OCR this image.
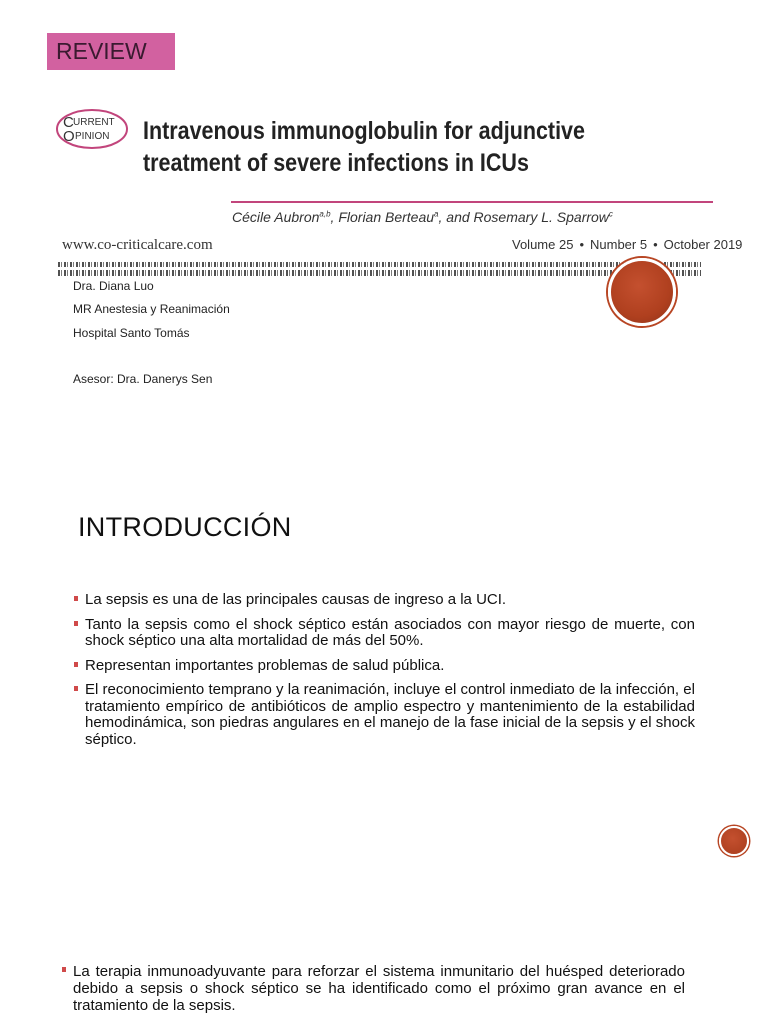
REVIEW
C URRENT
O PINION Intravenous immunoglobulin for adjunctive
treatment of severe infections in ICUs
Cécile Aubron$^{a,b}$, Florian Berteau$^a$, and Rosemary L. Sparrow$^c$
www.co-criticalcare.com	Volume 25 • Number 5 • October 2019
Dra. Diana Luo
MR Anestesia y Reanimación
Hospital Santo Tomás
Asesor: Dra. Danerys Sen
INTRODUCCIÓN
La sepsis es una de las principales causas de ingreso a la UCI.
Tanto la sepsis como el shock séptico están asociados con mayor riesgo de muerte, con shock séptico una alta mortalidad de más del 50%.
Representan importantes problemas de salud pública.
El reconocimiento temprano y la reanimación, incluye el control inmediato de la infección, el tratamiento empírico de antibióticos de amplio espectro y mantenimiento de la estabilidad hemodinámica, son piedras angulares en el manejo de la fase inicial de la sepsis y el shock séptico.
La terapia inmunoadyuvante para reforzar el sistema inmunitario del huésped deteriorado debido a sepsis o shock séptico se ha identificado como el próximo gran avance en el tratamiento de la sepsis.
